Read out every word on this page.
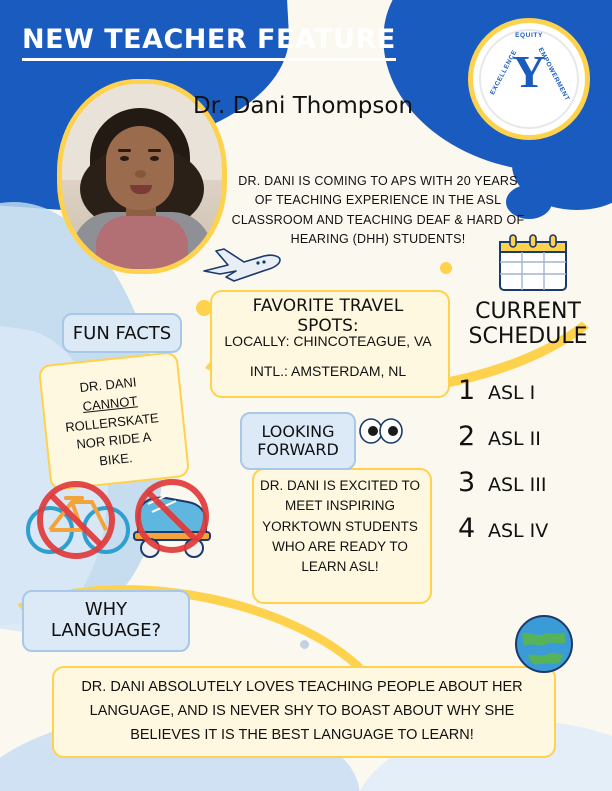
NEW TEACHER FEATURE	EQUITY
EXCELLENCE	EMPOWERMENT
Y
Dr. Dani Thompson
DR. DANI IS COMING TO APS WITH 20 YEARS OF TEACHING EXPERIENCE IN THE ASL CLASSROOM AND TEACHING DEAF & HARD OF HEARING (DHH) STUDENTS!
FAVORITE TRAVEL SPOTS:
LOCALLY: CHINCOTEAGUE, VA
INTL.: AMSTERDAM, NL
CURRENT
SCHEDULE
1 ASL I
2 ASL II
3 ASL III
4 ASL IV
FUN FACTS
DR. DANI
CANNOT
ROLLERSKATE
NOR RIDE A
BIKE.
LOOKING
FORWARD
DR. DANI IS EXCITED TO MEET INSPIRING YORKTOWN STUDENTS WHO ARE READY TO LEARN ASL!
WHY
LANGUAGE?
DR. DANI ABSOLUTELY LOVES TEACHING PEOPLE ABOUT HER LANGUAGE, AND IS NEVER SHY TO BOAST ABOUT WHY SHE BELIEVES IT IS THE BEST LANGUAGE TO LEARN!
